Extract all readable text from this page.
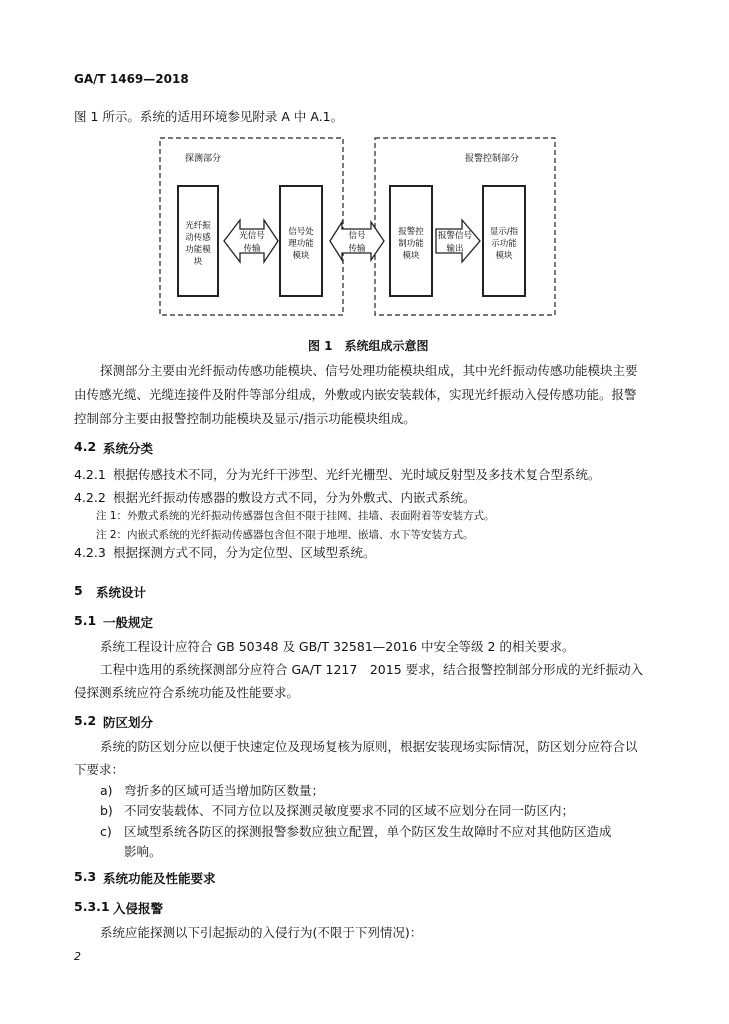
GA/T 1469—2018
图 1 所示。系统的适用环境参见附录 A 中 A.1。
探测部分	报警控制部分
光纤振
动传感
功能模
块
信号处
理功能
模块
报警控
制功能
模块
显示/指
示功能
模块
光信号
传输
信号
传输
报警信号
输出
图 1　系统组成示意图
探测部分主要由光纤振动传感功能模块、信号处理功能模块组成，其中光纤振动传感功能模块主要
由传感光缆、光缆连接件及附件等部分组成，外敷或内嵌安装载体，实现光纤振动入侵传感功能。报警
控制部分主要由报警控制功能模块及显示/指示功能模块组成。
4.2 系统分类
4.2.1 根据传感技术不同，分为光纤干涉型、光纤光栅型、光时域反射型及多技术复合型系统。
4.2.2 根据光纤振动传感器的敷设方式不同，分为外敷式、内嵌式系统。
注 1：外敷式系统的光纤振动传感器包含但不限于挂网、挂墙、表面附着等安装方式。
注 2：内嵌式系统的光纤振动传感器包含但不限于地埋、嵌墙、水下等安装方式。
4.2.3 根据探测方式不同，分为定位型、区域型系统。
5 系统设计
5.1 一般规定
系统工程设计应符合 GB 50348 及 GB/T 32581—2016 中安全等级 2 的相关要求。
工程中选用的系统探测部分应符合 GA/T 1217　2015 要求，结合报警控制部分形成的光纤振动入
侵探测系统应符合系统功能及性能要求。
5.2 防区划分
系统的防区划分应以便于快速定位及现场复核为原则，根据安装现场实际情况，防区划分应符合以
下要求：
a) 弯折多的区域可适当增加防区数量；
b) 不同安装载体、不同方位以及探测灵敏度要求不同的区域不应划分在同一防区内；
c) 区域型系统各防区的探测报警参数应独立配置，单个防区发生故障时不应对其他防区造成
影响。
5.3 系统功能及性能要求
5.3.1 入侵报警
系统应能探测以下引起振动的入侵行为(不限于下列情况)：
2
